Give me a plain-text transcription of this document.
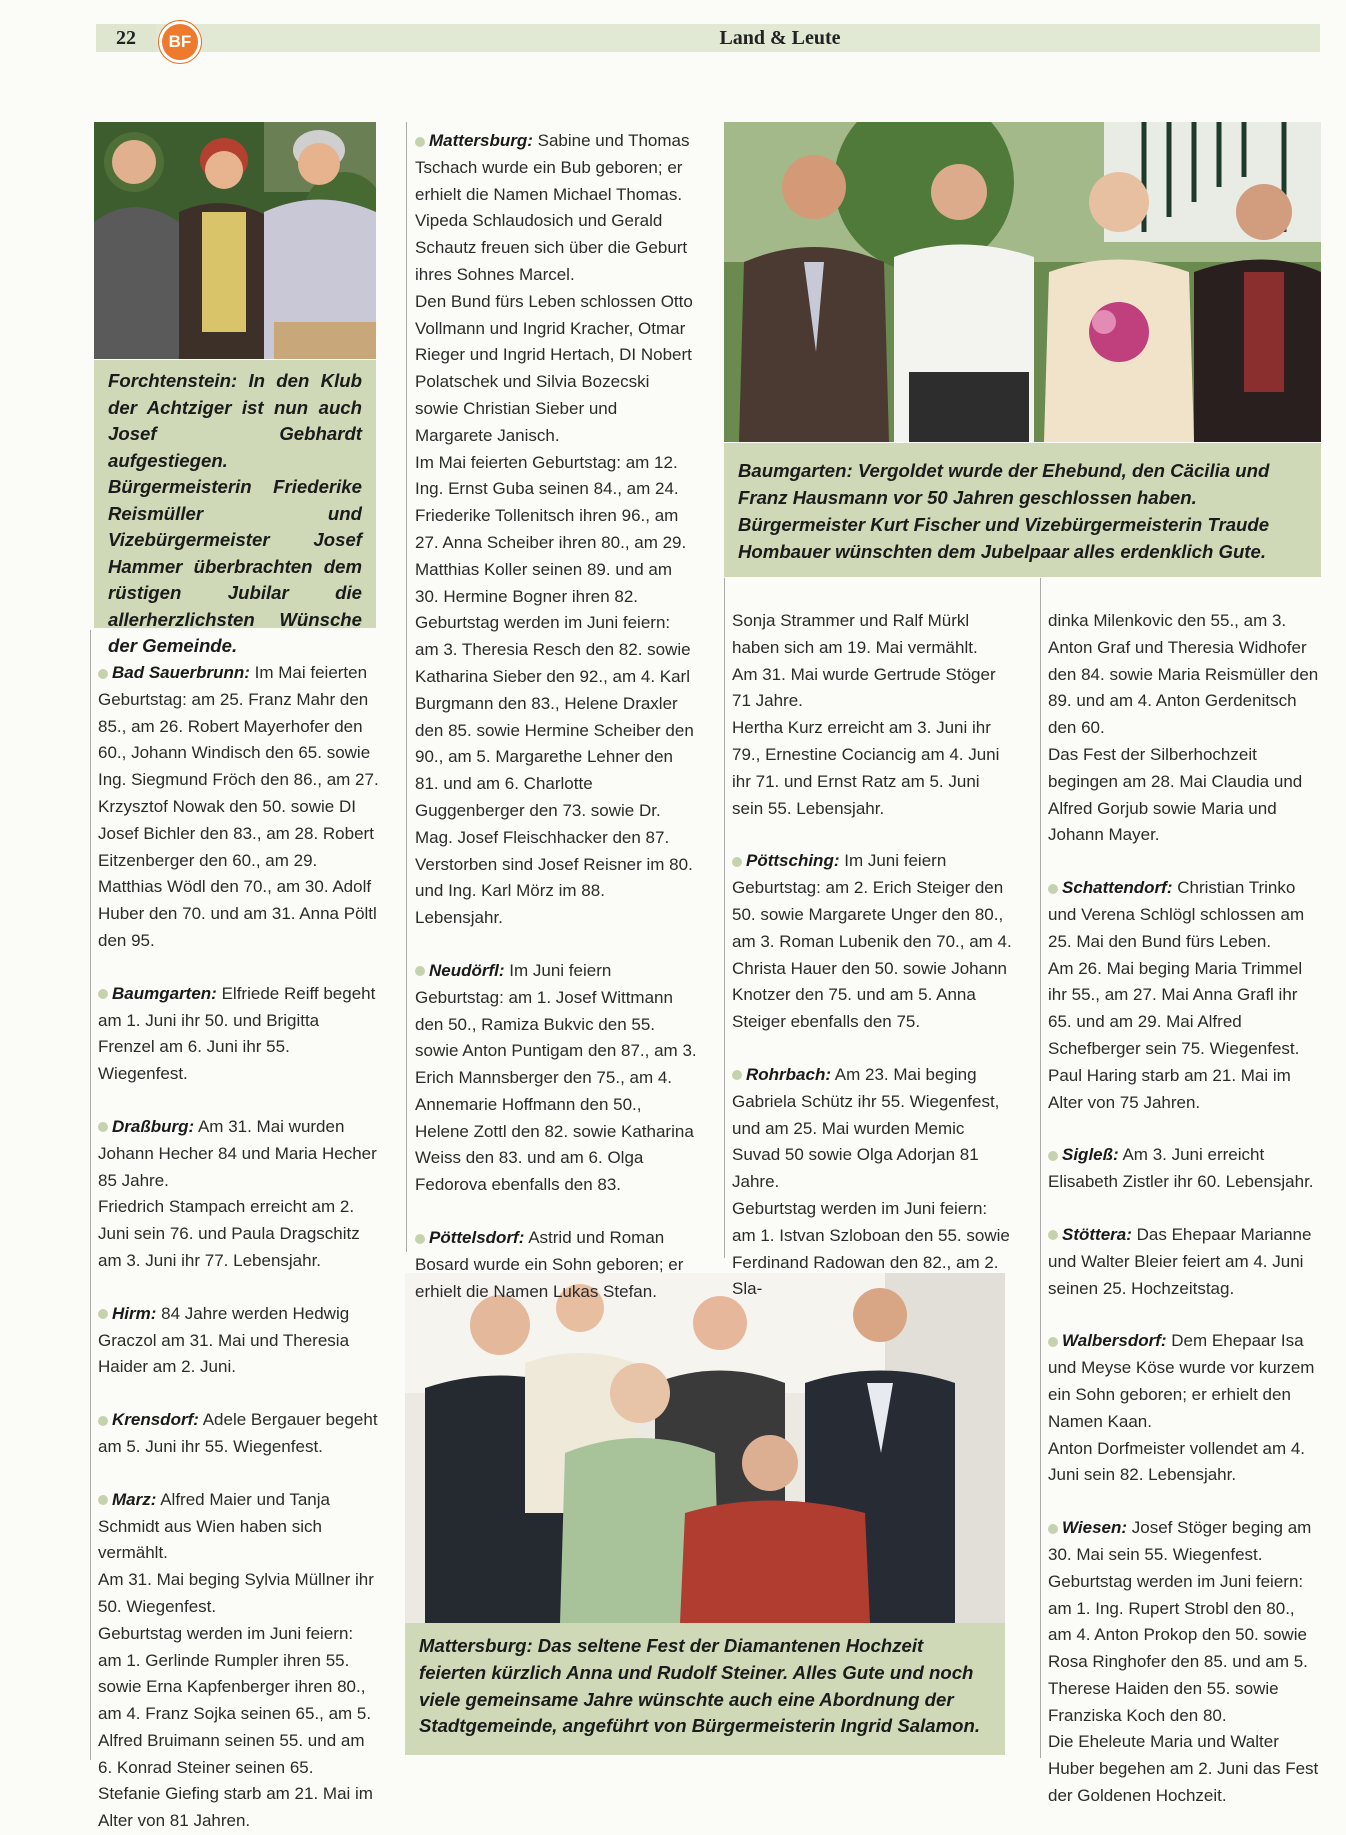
22	BF	Land & Leute
Forchtenstein: In den Klub der Achtziger ist nun auch Josef Gebhardt aufgestiegen. Bürgermeisterin Friederike Reismüller und Vizebürgermeister Josef Hammer überbrachten dem rüstigen Jubilar die allerherzlichsten Wünsche der Gemeinde.
Baumgarten: Vergoldet wurde der Ehebund, den Cäcilia und Franz Hausmann vor 50 Jahren geschlossen haben. Bürgermeister Kurt Fischer und Vizebürgermeisterin Traude Hombauer wünschten dem Jubelpaar alles erdenklich Gute.
Mattersburg: Das seltene Fest der Diamantenen Hochzeit feierten kürzlich Anna und Rudolf Steiner. Alles Gute und noch viele gemeinsame Jahre wünschte auch eine Abordnung der Stadtgemeinde, angeführt von Bürgermeisterin Ingrid Salamon.

Bad Sauerbrunn: Im Mai feierten Geburtstag: am 25. Franz Mahr den 85., am 26. Robert Mayerhofer den 60., Johann Windisch den 65. sowie Ing. Siegmund Fröch den 86., am 27. Krzysztof Nowak den 50. sowie DI Josef Bichler den 83., am 28. Robert Eitzenberger den 60., am 29. Matthias Wödl den 70., am 30. Adolf Huber den 70. und am 31. Anna Pöltl den 95.

Baumgarten: Elfriede Reiff begeht am 1. Juni ihr 50. und Brigitta Frenzel am 6. Juni ihr 55. Wiegenfest.

Draßburg: Am 31. Mai wurden Johann Hecher 84 und Maria Hecher 85 Jahre.

Friedrich Stampach erreicht am 2. Juni sein 76. und Paula Dragschitz am 3. Juni ihr 77. Lebensjahr.

Hirm: 84 Jahre werden Hedwig Graczol am 31. Mai und Theresia Haider am 2. Juni.

Krensdorf: Adele Bergauer begeht am 5. Juni ihr 55. Wiegenfest.

Marz: Alfred Maier und Tanja Schmidt aus Wien haben sich vermählt.

Am 31. Mai beging Sylvia Müllner ihr 50. Wiegenfest.

Geburtstag werden im Juni feiern: am 1. Gerlinde Rumpler ihren 55. sowie Erna Kapfenberger ihren 80., am 4. Franz Sojka seinen 65., am 5. Alfred Bruimann seinen 55. und am 6. Konrad Steiner seinen 65.

Stefanie Giefing starb am 21. Mai im Alter von 81 Jahren.

Mattersburg: Sabine und Thomas Tschach wurde ein Bub geboren; er erhielt die Namen Michael Thomas. Vipeda Schlaudosich und Gerald Schautz freuen sich über die Geburt ihres Sohnes Marcel.

Den Bund fürs Leben schlossen Otto Vollmann und Ingrid Kracher, Otmar Rieger und Ingrid Hertach, DI Nobert Polatschek und Silvia Bozecski sowie Christian Sieber und Margarete Janisch.

Im Mai feierten Geburtstag: am 12. Ing. Ernst Guba seinen 84., am 24. Friederike Tollenitsch ihren 96., am 27. Anna Scheiber ihren 80., am 29. Matthias Koller seinen 89. und am 30. Hermine Bogner ihren 82.

Geburtstag werden im Juni feiern: am 3. Theresia Resch den 82. sowie Katharina Sieber den 92., am 4. Karl Burgmann den 83., Helene Draxler den 85. sowie Hermine Scheiber den 90., am 5. Margarethe Lehner den 81. und am 6. Charlotte Guggenberger den 73. sowie Dr. Mag. Josef Fleischhacker den 87.

Verstorben sind Josef Reisner im 80. und Ing. Karl Mörz im 88. Lebensjahr.

Neudörfl: Im Juni feiern Geburtstag: am 1. Josef Wittmann den 50., Ramiza Bukvic den 55. sowie Anton Puntigam den 87., am 3. Erich Mannsberger den 75., am 4. Annemarie Hoffmann den 50., Helene Zottl den 82. sowie Katharina Weiss den 83. und am 6. Olga Fedorova ebenfalls den 83.

Pöttelsdorf: Astrid und Roman Bosard wurde ein Sohn geboren; er erhielt die Namen Lukas Stefan.

Sonja Strammer und Ralf Mürkl haben sich am 19. Mai vermählt.

Am 31. Mai wurde Gertrude Stöger 71 Jahre.

Hertha Kurz erreicht am 3. Juni ihr 79., Ernestine Cociancig am 4. Juni ihr 71. und Ernst Ratz am 5. Juni sein 55. Lebensjahr.

Pöttsching: Im Juni feiern Geburtstag: am 2. Erich Steiger den 50. sowie Margarete Unger den 80., am 3. Roman Lubenik den 70., am 4. Christa Hauer den 50. sowie Johann Knotzer den 75. und am 5. Anna Steiger ebenfalls den 75.

Rohrbach: Am 23. Mai beging Gabriela Schütz ihr 55. Wiegenfest, und am 25. Mai wurden Memic Suvad 50 sowie Olga Adorjan 81 Jahre.

Geburtstag werden im Juni feiern: am 1. Istvan Szloboan den 55. sowie Ferdinand Radowan den 82., am 2. Sla-

dinka Milenkovic den 55., am 3. Anton Graf und Theresia Widhofer den 84. sowie Maria Reismüller den 89. und am 4. Anton Gerdenitsch den 60.

Das Fest der Silberhochzeit begingen am 28. Mai Claudia und Alfred Gorjub sowie Maria und Johann Mayer.

Schattendorf: Christian Trinko und Verena Schlögl schlossen am 25. Mai den Bund fürs Leben.

Am 26. Mai beging Maria Trimmel ihr 55., am 27. Mai Anna Grafl ihr 65. und am 29. Mai Alfred Schefberger sein 75. Wiegenfest.

Paul Haring starb am 21. Mai im Alter von 75 Jahren.

Sigleß: Am 3. Juni erreicht Elisabeth Zistler ihr 60. Lebensjahr.

Stöttera: Das Ehepaar Marianne und Walter Bleier feiert am 4. Juni seinen 25. Hochzeitstag.

Walbersdorf: Dem Ehepaar Isa und Meyse Köse wurde vor kurzem ein Sohn geboren; er erhielt den Namen Kaan.

Anton Dorfmeister vollendet am 4. Juni sein 82. Lebensjahr.

Wiesen: Josef Stöger beging am 30. Mai sein 55. Wiegenfest.

Geburtstag werden im Juni feiern: am 1. Ing. Rupert Strobl den 80., am 4. Anton Prokop den 50. sowie Rosa Ringhofer den 85. und am 5. Therese Haiden den 55. sowie Franziska Koch den 80.

Die Eheleute Maria und Walter Huber begehen am 2. Juni das Fest der Goldenen Hochzeit.
